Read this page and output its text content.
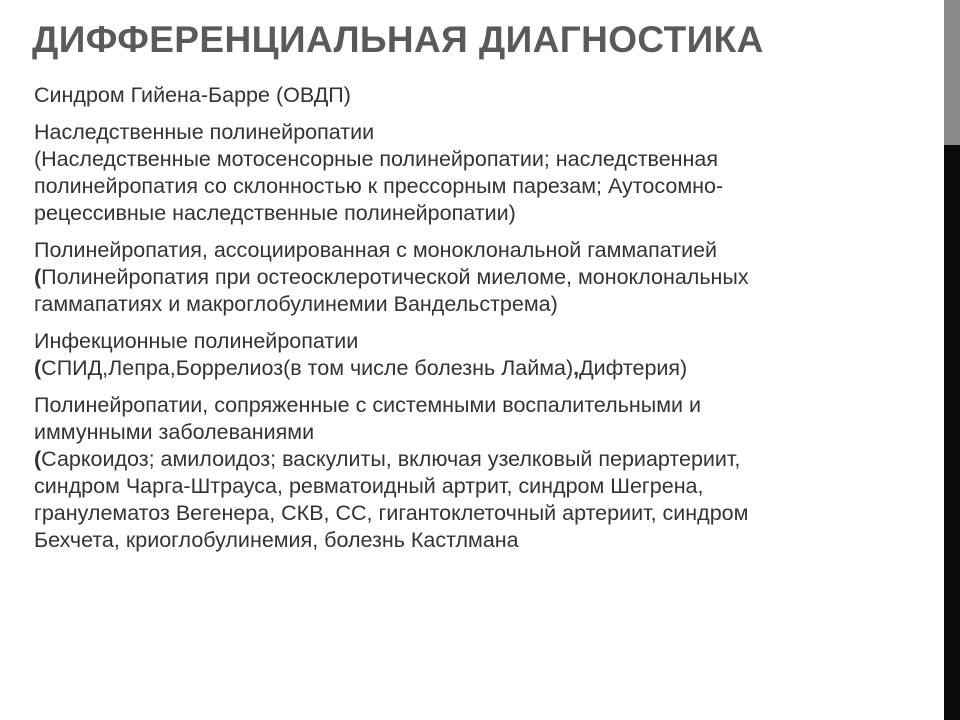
ДИФФЕРЕНЦИАЛЬНАЯ ДИАГНОСТИКА

Синдром Гийена-Барре (ОВДП)

Наследственные полинейропатии
(Наследственные мотосенсорные полинейропатии; наследственная
полинейропатия со склонностью к прессорным парезам; Аутосомно-
рецессивные наследственные полинейропатии)

Полинейропатия, ассоциированная с моноклональной гаммапатией
(Полинейропатия при остеосклеротической миеломе, моноклональных
гаммапатиях и макроглобулинемии Вандельстрема)

Инфекционные полинейропатии
(СПИД,Лепра,Боррелиоз(в том числе болезнь Лайма),Дифтерия)

Полинейропатии, сопряженные с системными воспалительными и
иммунными заболеваниями
(Саркоидоз; амилоидоз; васкулиты, включая узелковый периартериит,
синдром Чарга-Штрауса, ревматоидный артрит, синдром Шегрена,
гранулематоз Вегенера, СКВ, СС, гигантоклеточный артериит, синдром
Бехчета, криоглобулинемия, болезнь Кастлмана
